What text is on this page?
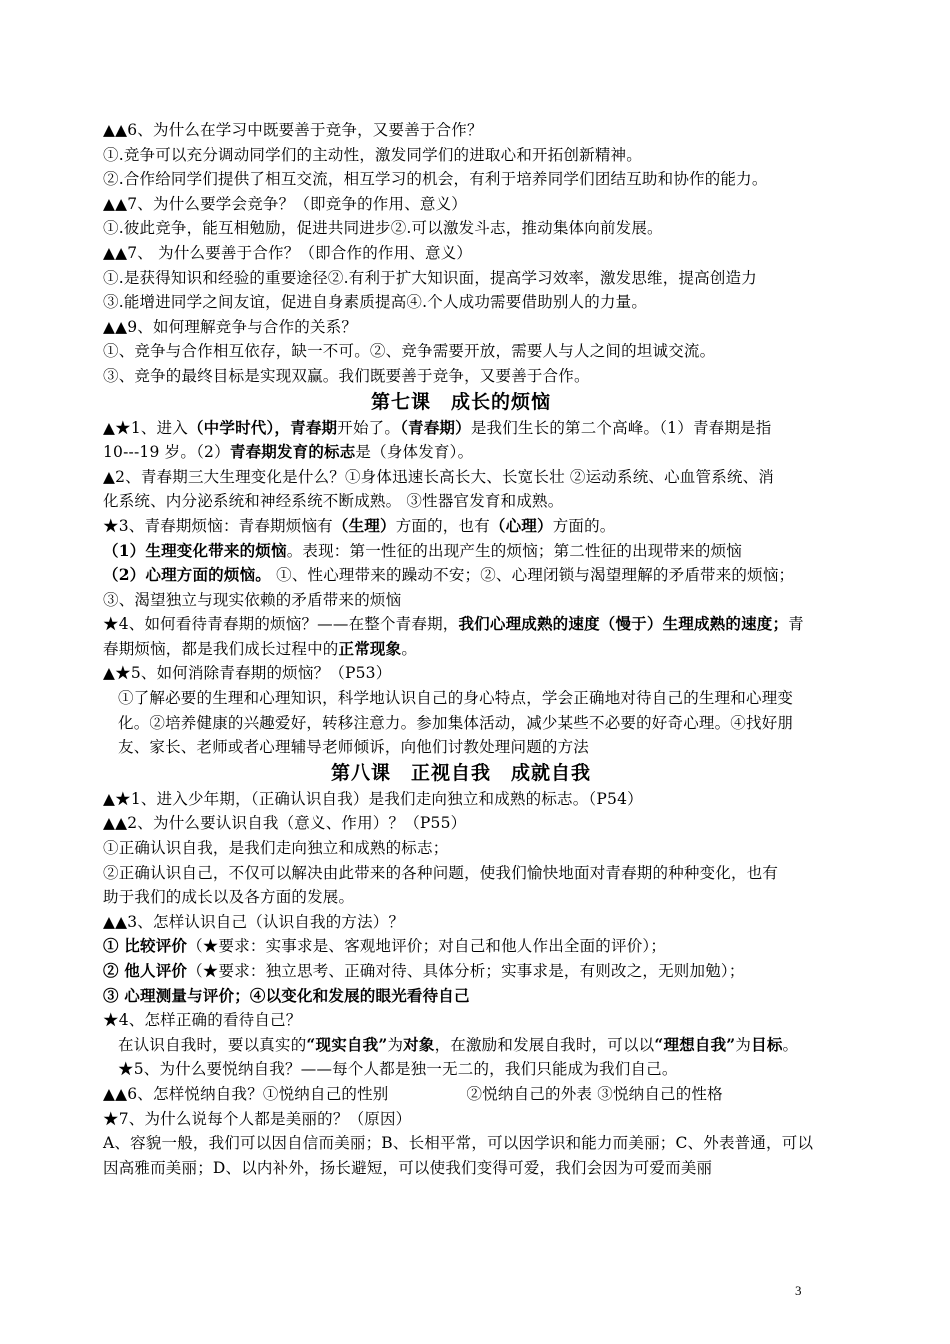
▲▲6、为什么在学习中既要善于竞争，又要善于合作？
①.竞争可以充分调动同学们的主动性，激发同学们的进取心和开拓创新精神。
②.合作给同学们提供了相互交流，相互学习的机会，有利于培养同学们团结互助和协作的能力。
▲▲7、为什么要学会竞争？（即竞争的作用、意义）
①.彼此竞争，能互相勉励，促进共同进步②.可以激发斗志，推动集体向前发展。
▲▲7、 为什么要善于合作？（即合作的作用、意义）
①.是获得知识和经验的重要途径②.有利于扩大知识面，提高学习效率，激发思维，提高创造力
③.能增进同学之间友谊，促进自身素质提高④.个人成功需要借助别人的力量。
▲▲9、如何理解竞争与合作的关系？
①、竞争与合作相互依存，缺一不可。②、竞争需要开放，需要人与人之间的坦诚交流。
③、竞争的最终目标是实现双赢。我们既要善于竞争，又要善于合作。
第七课　成长的烦恼
▲★1、进入（中学时代），青春期开始了。（青春期）是我们生长的第二个高峰。（1）青春期是指
10---19 岁。（2）青春期发育的标志是（身体发育）。
▲2、青春期三大生理变化是什么？①身体迅速长高长大、长宽长壮 ②运动系统、心血管系统、消
化系统、内分泌系统和神经系统不断成熟。 ③性器官发育和成熟。
★3、青春期烦恼：青春期烦恼有（生理）方面的，也有（心理）方面的。
（1）生理变化带来的烦恼。表现：第一性征的出现产生的烦恼；第二性征的出现带来的烦恼
（2）心理方面的烦恼。 ①、性心理带来的躁动不安；②、心理闭锁与渴望理解的矛盾带来的烦恼；
③、渴望独立与现实依赖的矛盾带来的烦恼
★4、如何看待青春期的烦恼？——在整个青春期，我们心理成熟的速度（慢于）生理成熟的速度；青春期烦恼，都是我们成长过程中的正常现象。
▲★5、如何消除青春期的烦恼？（P53）
①了解必要的生理和心理知识，科学地认识自己的身心特点，学会正确地对待自己的生理和心理变化。②培养健康的兴趣爱好，转移注意力。参加集体活动，减少某些不必要的好奇心理。④找好朋友、家长、老师或者心理辅导老师倾诉，向他们讨教处理问题的方法
第八课　正视自我　成就自我
▲★1、进入少年期，（正确认识自我）是我们走向独立和成熟的标志。（P54）
▲▲2、为什么要认识自我（意义、作用）？（P55）
①正确认识自我，是我们走向独立和成熟的标志；
②正确认识自己，不仅可以解决由此带来的各种问题，使我们愉快地面对青春期的种种变化，也有
助于我们的成长以及各方面的发展。
▲▲3、怎样认识自己（认识自我的方法）？
① 比较评价（★要求：实事求是、客观地评价；对自己和他人作出全面的评价）；
② 他人评价（★要求：独立思考、正确对待、具体分析；实事求是，有则改之，无则加勉）；
③ 心理测量与评价；④以变化和发展的眼光看待自己
★4、怎样正确的看待自己？
在认识自我时，要以真实的“现实自我”为对象，在激励和发展自我时，可以以“理想自我”为目标。
★5、为什么要悦纳自我？——每个人都是独一无二的，我们只能成为我们自己。
▲▲6、怎样悦纳自我？①悦纳自己的性别	②悦纳自己的外表 ③悦纳自己的性格
★7、为什么说每个人都是美丽的？（原因）
A、容貌一般，我们可以因自信而美丽；B、长相平常，可以因学识和能力而美丽；C、外表普通，可以
因高雅而美丽；D、以内补外，扬长避短，可以使我们变得可爱，我们会因为可爱而美丽
3
